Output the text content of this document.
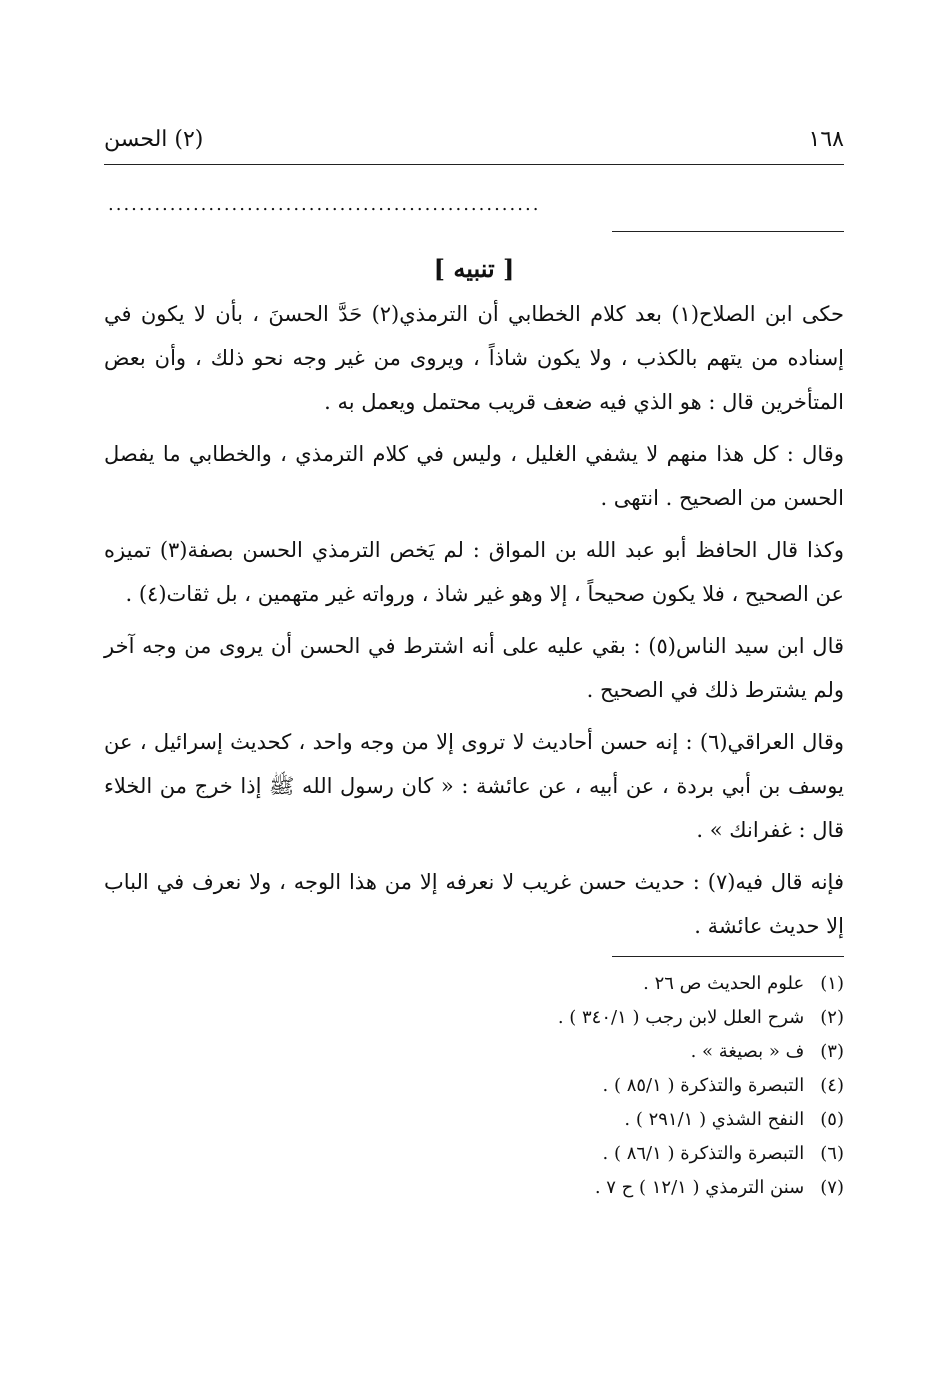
١٦٨
(٢) الحسن
........................................................
[ تنبيه ]

حكى ابن الصلاح(١) بعد كلام الخطابي أن الترمذي(٢) حَدَّ الحسنَ ، بأن لا يكون في إسناده من يتهم بالكذب ، ولا يكون شاذاً ، ويروى من غير وجه نحو ذلك ، وأن بعض المتأخرين قال : هو الذي فيه ضعف قريب محتمل ويعمل به .

وقال : كل هذا منهم لا يشفي الغليل ، وليس في كلام الترمذي ، والخطابي ما يفصل الحسن من الصحيح . انتهى .

وكذا قال الحافظ أبو عبد الله بن المواق : لم يَخص الترمذي الحسن بصفة(٣) تميزه عن الصحيح ، فلا يكون صحيحاً ، إلا وهو غير شاذ ، ورواته غير متهمين ، بل ثقات(٤) .

قال ابن سيد الناس(٥) : بقي عليه على أنه اشترط في الحسن أن يروى من وجه آخر ولم يشترط ذلك في الصحيح .

وقال العراقي(٦) : إنه حسن أحاديث لا تروى إلا من وجه واحد ، كحديث إسرائيل ، عن يوسف بن أبي بردة ، عن أبيه ، عن عائشة : « كان رسول الله ﷺ إذا خرج من الخلاء قال : غفرانك » .

فإنه قال فيه(٧) : حديث حسن غريب لا نعرفه إلا من هذا الوجه ، ولا نعرف في الباب إلا حديث عائشة .

(١) علوم الحديث ص ٢٦ .
(٢) شرح العلل لابن رجب ( ٣٤٠/١ ) .
(٣) ف « بصيغة » .
(٤) التبصرة والتذكرة ( ٨٥/١ ) .
(٥) النفح الشذي ( ٢٩١/١ ) .
(٦) التبصرة والتذكرة ( ٨٦/١ ) .
(٧) سنن الترمذي ( ١٢/١ ) ح ٧ .
